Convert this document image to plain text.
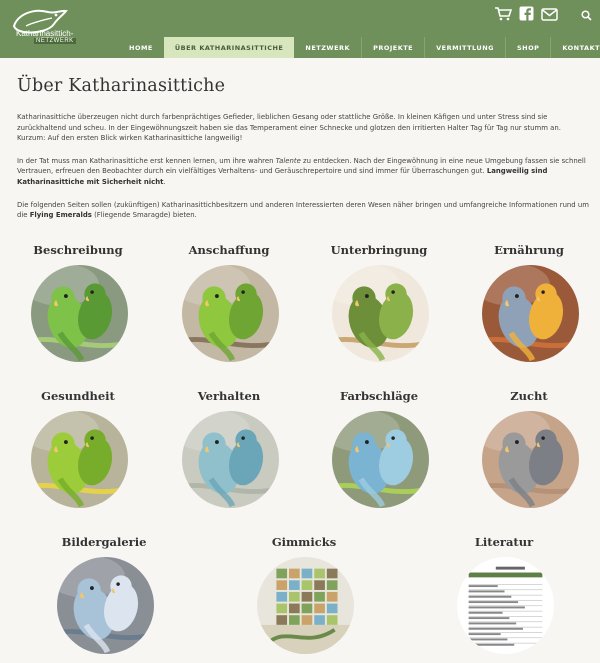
Katharinasittich-
NETZWERK
HOME	ÜBER KATHARINASITTICHE	NETZWERK	PROJEKTE	VERMITTLUNG	SHOP	KONTAKT
Über Katharinasittiche

Katharinasittiche überzeugen nicht durch farbenprächtiges Gefieder, lieblichen Gesang oder stattliche Größe. In kleinen Käfigen und unter Stress sind sie zurückhaltend und scheu. In der Eingewöhnungszeit haben sie das Temperament einer Schnecke und glotzen den irritierten Halter Tag für Tag nur stumm an. Kurzum: Auf den ersten Blick wirken Katharinasittiche langweilig!

In der Tat muss man Katharinasittiche erst kennen lernen, um ihre wahren Talente zu entdecken. Nach der Eingewöhnung in eine neue Umgebung fassen sie schnell Vertrauen, erfreuen den Beobachter durch ein vielfältiges Verhaltens- und Geräuschrepertoire und sind immer für Überraschungen gut. Langweilig sind Katharinasittiche mit Sicherheit nicht.

Die folgenden Seiten sollen (zukünftigen) Katharinasittichbesitzern und anderen Interessierten deren Wesen näher bringen und umfangreiche Informationen rund um die Flying Emeralds (Fliegende Smaragde) bieten.

Beschreibung	Anschaffung	Unterbringung	Ernährung
Gesundheit	Verhalten	Farbschläge	Zucht
Bildergalerie	Gimmicks	Literatur
